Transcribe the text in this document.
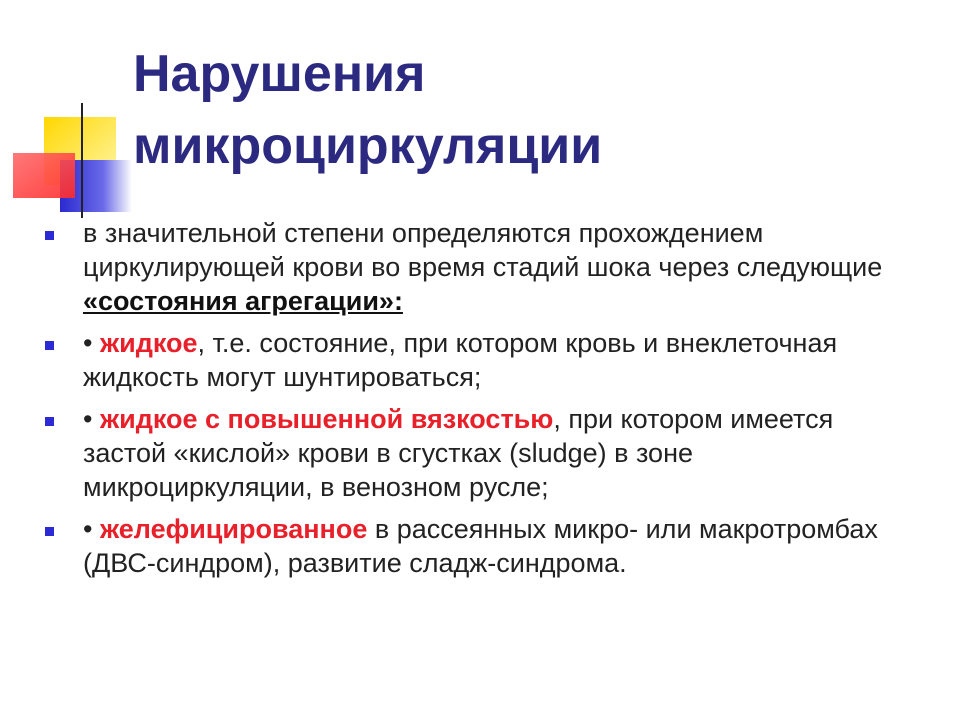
Нарушения
микроциркуляции
в значительной степени определяются прохождением циркулирующей крови во время стадий шока через следующие «состояния агрегации»:
• жидкое, т.е. состояние, при котором кровь и внеклеточная жидкость могут шунтироваться;
• жидкое с повышенной вязкостью, при котором имеется застой «кислой» крови в сгустках (sludge) в зоне микроциркуляции, в венозном русле;
• желефицированное в рассеянных микро- или макротромбах (ДВС-синдром), развитие сладж-синдрома.
